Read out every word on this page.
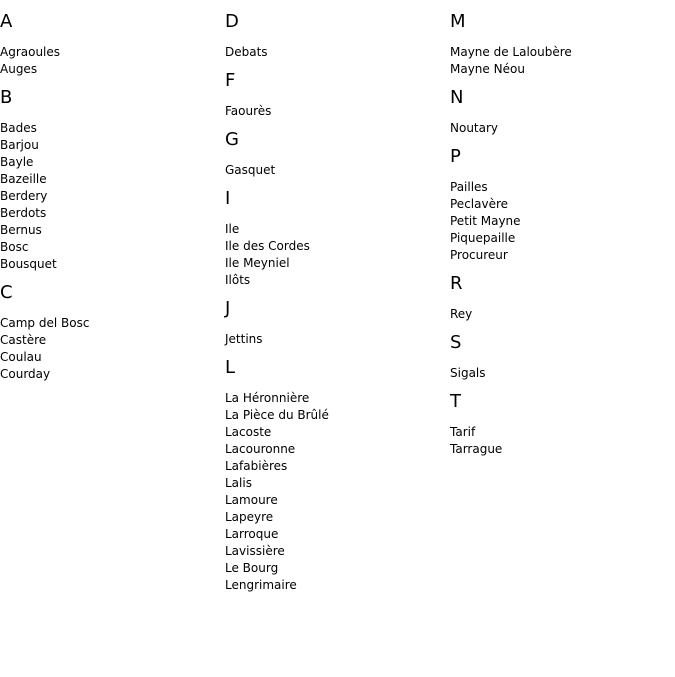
A
Agraoules
Auges
B
Bades
Barjou
Bayle
Bazeille
Berdery
Berdots
Bernus
Bosc
Bousquet
C
Camp del Bosc
Castère
Coulau
Courday
D
Debats
F
Faourès
G
Gasquet
I
Ile
Ile des Cordes
Ile Meyniel
Ilôts
J
Jettins
L
La Héronnière
La Pièce du Brûlé
Lacoste
Lacouronne
Lafabières
Lalis
Lamoure
Lapeyre
Larroque
Lavissière
Le Bourg
Lengrimaire
M
Mayne de Laloubère
Mayne Néou
N
Noutary
P
Pailles
Peclavère
Petit Mayne
Piquepaille
Procureur
R
Rey
S
Sigals
T
Tarif
Tarrague
